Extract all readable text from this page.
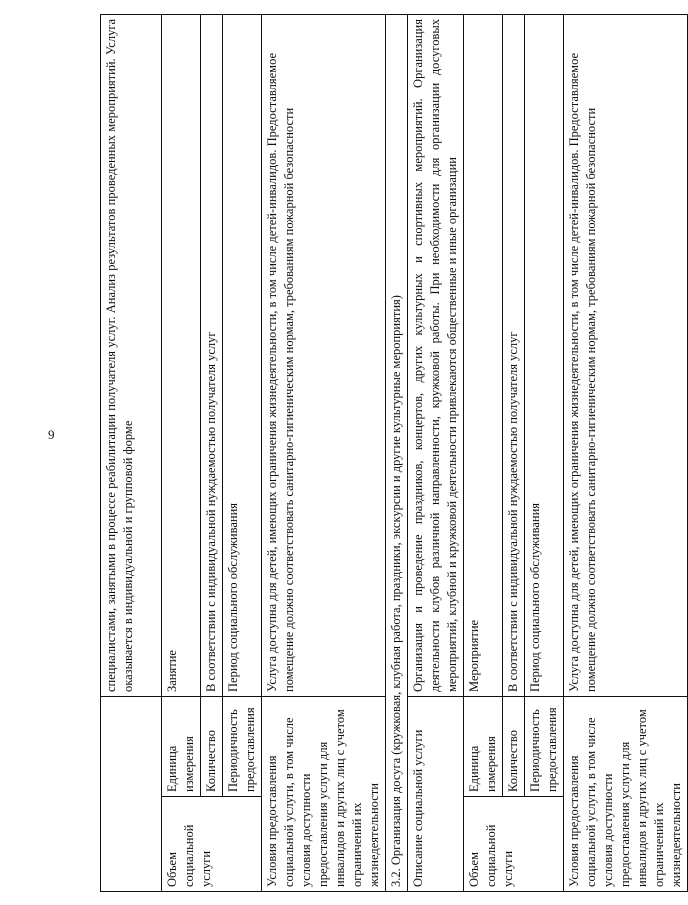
9
		специалистами, занятыми в процессе реабилитации получателя услуг. Анализ результатов проведенных мероприятий. Услуга оказывается в индивидуальной и групповой форме
Объем социальной услуги	Единица измерения	Занятие
	Количество	В соответствии с индивидуальной нуждаемостью получателя услуг
	Периодичность предоставления	Период социального обслуживания
Условия предоставления социальной услуги, в том числе условия доступности предоставления услуги для инвалидов и других лиц с учетом ограничений их жизнедеятельности		Услуга доступна для детей, имеющих ограничения жизнедеятельности, в том числе детей-инвалидов. Предоставляемое помещение должно соответствовать санитарно-гигиеническим нормам, требованиям пожарной безопасности
3.2. Организация досуга (кружковая, клубная работа, праздники, экскурсии и другие культурные мероприятия)		
Описание социальной услуги		Организация и проведение праздников, концертов, других культурных и спортивных мероприятий. Организация деятельности клубов различной направленности, кружковой работы. При необходимости для организации досуговых мероприятий, клубной и кружковой деятельности привлекаются общественные и иные организации
Объем социальной услуги	Единица измерения	Мероприятие
	Количество	В соответствии с индивидуальной нуждаемостью получателя услуг
	Периодичность предоставления	Период социального обслуживания
Условия предоставления социальной услуги, в том числе условия доступности предоставления услуги для инвалидов и других лиц с учетом ограничений их жизнедеятельности		Услуга доступна для детей, имеющих ограничения жизнедеятельности, в том числе детей-инвалидов. Предоставляемое помещение должно соответствовать санитарно-гигиеническим нормам, требованиям пожарной безопасности
